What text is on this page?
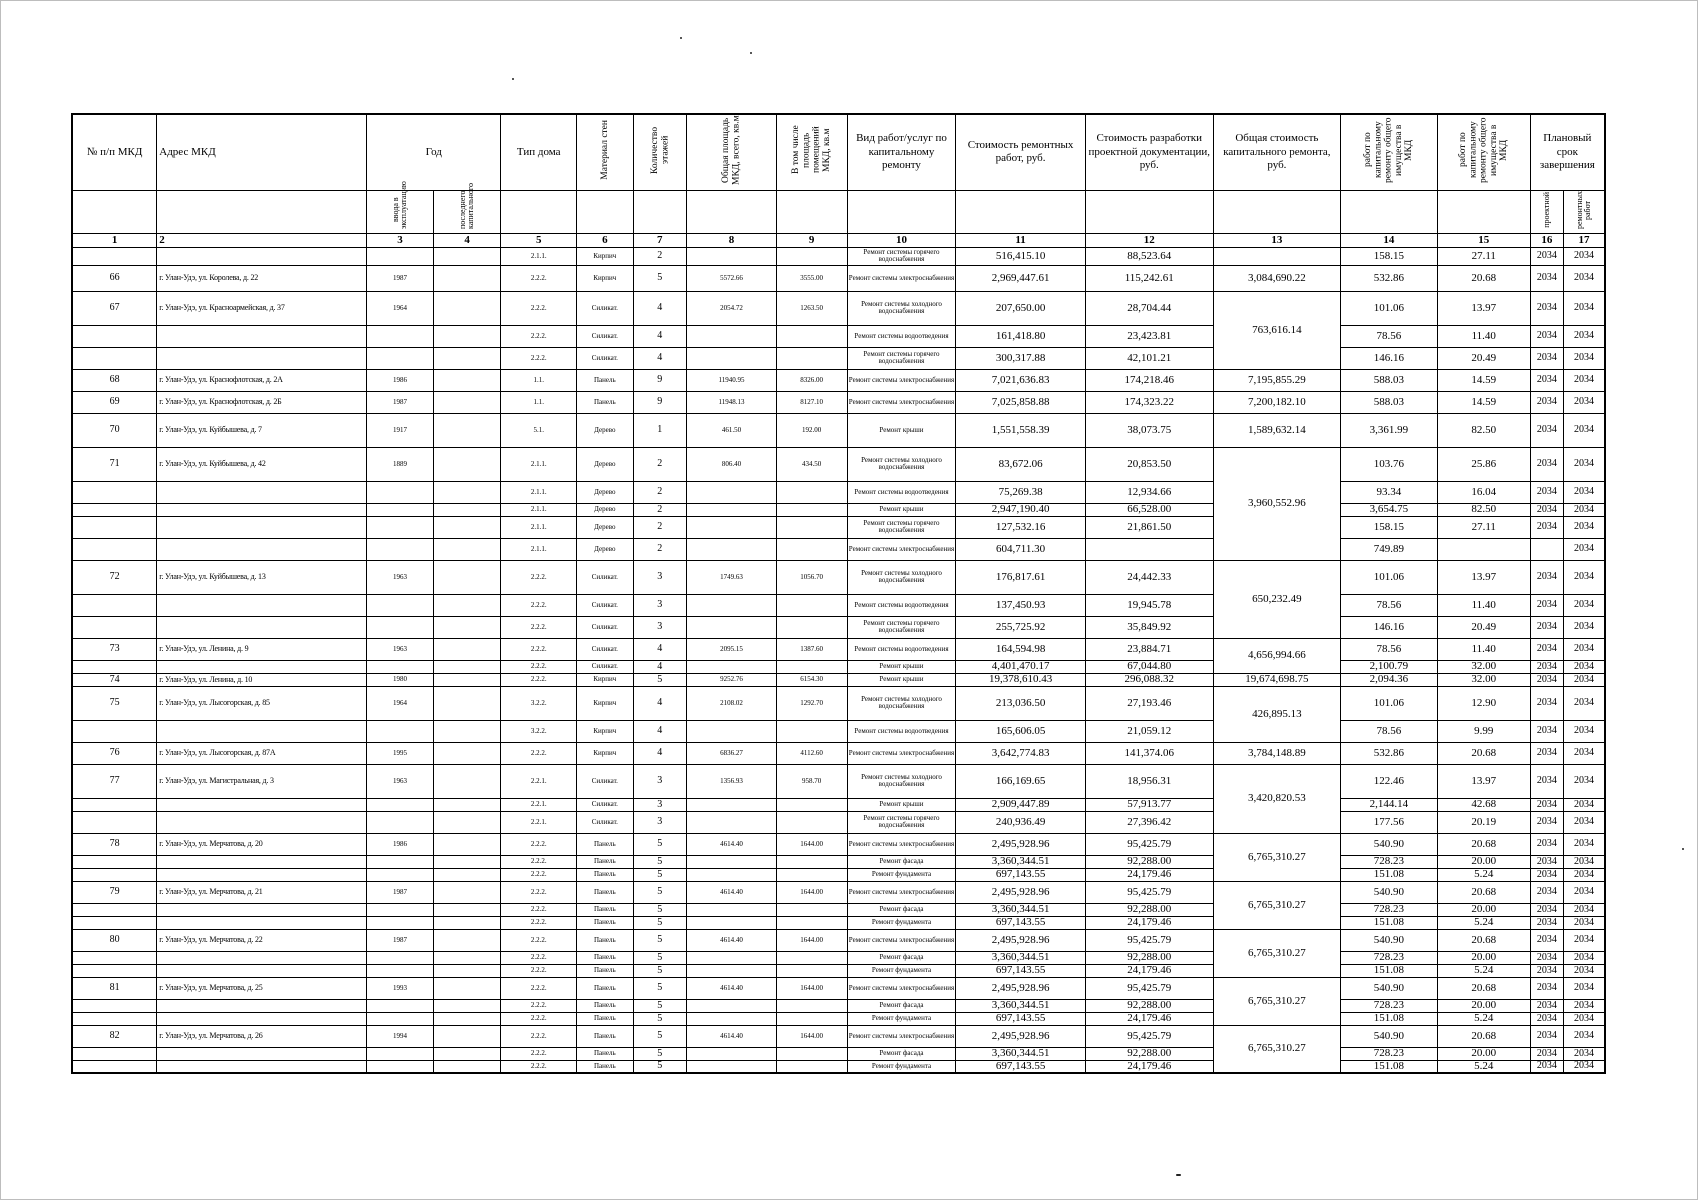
№ п/п МКД	Адрес МКД	Год		Тип дома	Материал стен	Количество этажей	Общая площадь МКД, всего, кв.м	В том числе площадь помещений МКД, кв.м	Вид работ/услуг по капитальному ремонту	Стоимость ремонтных работ, руб.	Стоимость разработки проектной документации, руб.	Общая стоимость капитального ремонта, руб.	работ по капитальному ремонту общего имущества в МКД	работ по капитальному ремонту общего имущества в МКД	Плановый срок завершения	
		ввода в эксплуатацию	последнего капитального												проектной	ремонтных работ
1	2	3	4	5	6	7	8	9	10	11	12	13	14	15	16	17
				2.1.1.	Кирпич	2			Ремонт системы горячего водоснабжения	516,415.10	88,523.64		158.15	27.11	2034	2034
66	г. Улан-Удэ, ул. Королева, д. 22	1987		2.2.2.	Кирпич	5	5572.66	3555.00	Ремонт системы электроснабжения	2,969,447.61	115,242.61	3,084,690.22	532.86	20.68	2034	2034
67	г. Улан-Удэ, ул. Красноармейская, д. 37	1964		2.2.2.	Силикат.	4	2054.72	1263.50	Ремонт системы холодного водоснабжения	207,650.00	28,704.44	763,616.14	101.06	13.97	2034	2034
				2.2.2.	Силикат.	4			Ремонт системы водоотведения	161,418.80	23,423.81		78.56	11.40	2034	2034
				2.2.2.	Силикат.	4			Ремонт системы горячего водоснабжения	300,317.88	42,101.21		146.16	20.49	2034	2034
68	г. Улан-Удэ, ул. Краснофлотская, д. 2А	1986		1.1.	Панель	9	11940.95	8326.00	Ремонт системы электроснабжения	7,021,636.83	174,218.46	7,195,855.29	588.03	14.59	2034	2034
69	г. Улан-Удэ, ул. Краснофлотская, д. 2Б	1987		1.1.	Панель	9	11948.13	8127.10	Ремонт системы электроснабжения	7,025,858.88	174,323.22	7,200,182.10	588.03	14.59	2034	2034
70	г. Улан-Удэ, ул. Куйбышева, д. 7	1917		5.1.	Дерево	1	461.50	192.00	Ремонт крыши	1,551,558.39	38,073.75	1,589,632.14	3,361.99	82.50	2034	2034
71	г. Улан-Удэ, ул. Куйбышева, д. 42	1889		2.1.1.	Дерево	2	806.40	434.50	Ремонт системы холодного водоснабжения	83,672.06	20,853.50	3,960,552.96	103.76	25.86	2034	2034
				2.1.1.	Дерево	2			Ремонт системы водоотведения	75,269.38	12,934.66		93.34	16.04	2034	2034
				2.1.1.	Дерево	2			Ремонт крыши	2,947,190.40	66,528.00		3,654.75	82.50	2034	2034
				2.1.1.	Дерево	2			Ремонт системы горячего водоснабжения	127,532.16	21,861.50		158.15	27.11	2034	2034
				2.1.1.	Дерево	2			Ремонт системы электроснабжения	604,711.30			749.89			2034
72	г. Улан-Удэ, ул. Куйбышева, д. 13	1963		2.2.2.	Силикат.	3	1749.63	1056.70	Ремонт системы холодного водоснабжения	176,817.61	24,442.33	650,232.49	101.06	13.97	2034	2034
				2.2.2.	Силикат.	3			Ремонт системы водоотведения	137,450.93	19,945.78		78.56	11.40	2034	2034
				2.2.2.	Силикат.	3			Ремонт системы горячего водоснабжения	255,725.92	35,849.92		146.16	20.49	2034	2034
73	г. Улан-Удэ, ул. Ленина, д. 9	1963		2.2.2.	Силикат.	4	2095.15	1387.60	Ремонт системы водоотведения	164,594.98	23,884.71	4,656,994.66	78.56	11.40	2034	2034
				2.2.2.	Силикат.	4			Ремонт крыши	4,401,470.17	67,044.80		2,100.79	32.00	2034	2034
74	г. Улан-Удэ, ул. Ленина, д. 10	1980		2.2.2.	Кирпич	5	9252.76	6154.30	Ремонт крыши	19,378,610.43	296,088.32	19,674,698.75	2,094.36	32.00	2034	2034
75	г. Улан-Удэ, ул. Лысогорская, д. 85	1964		3.2.2.	Кирпич	4	2108.02	1292.70	Ремонт системы холодного водоснабжения	213,036.50	27,193.46	426,895.13	101.06	12.90	2034	2034
				3.2.2.	Кирпич	4			Ремонт системы водоотведения	165,606.05	21,059.12		78.56	9.99	2034	2034
76	г. Улан-Удэ, ул. Лысогорская, д. 87А	1995		2.2.2.	Кирпич	4	6836.27	4112.60	Ремонт системы электроснабжения	3,642,774.83	141,374.06	3,784,148.89	532.86	20.68	2034	2034
77	г. Улан-Удэ, ул. Магистральная, д. 3	1963		2.2.1.	Силикат.	3	1356.93	958.70	Ремонт системы холодного водоснабжения	166,169.65	18,956.31	3,420,820.53	122.46	13.97	2034	2034
				2.2.1.	Силикат.	3			Ремонт крыши	2,909,447.89	57,913.77		2,144.14	42.68	2034	2034
				2.2.1.	Силикат.	3			Ремонт системы горячего водоснабжения	240,936.49	27,396.42		177.56	20.19	2034	2034
78	г. Улан-Удэ, ул. Мерчатова, д. 20	1986		2.2.2.	Панель	5	4614.40	1644.00	Ремонт системы электроснабжения	2,495,928.96	95,425.79	6,765,310.27	540.90	20.68	2034	2034
				2.2.2.	Панель	5			Ремонт фасада	3,360,344.51	92,288.00		728.23	20.00	2034	2034
				2.2.2.	Панель	5			Ремонт фундамента	697,143.55	24,179.46		151.08	5.24	2034	2034
79	г. Улан-Удэ, ул. Мерчатова, д. 21	1987		2.2.2.	Панель	5	4614.40	1644.00	Ремонт системы электроснабжения	2,495,928.96	95,425.79	6,765,310.27	540.90	20.68	2034	2034
				2.2.2.	Панель	5			Ремонт фасада	3,360,344.51	92,288.00		728.23	20.00	2034	2034
				2.2.2.	Панель	5			Ремонт фундамента	697,143.55	24,179.46		151.08	5.24	2034	2034
80	г. Улан-Удэ, ул. Мерчатова, д. 22	1987		2.2.2.	Панель	5	4614.40	1644.00	Ремонт системы электроснабжения	2,495,928.96	95,425.79	6,765,310.27	540.90	20.68	2034	2034
				2.2.2.	Панель	5			Ремонт фасада	3,360,344.51	92,288.00		728.23	20.00	2034	2034
				2.2.2.	Панель	5			Ремонт фундамента	697,143.55	24,179.46		151.08	5.24	2034	2034
81	г. Улан-Удэ, ул. Мерчатова, д. 25	1993		2.2.2.	Панель	5	4614.40	1644.00	Ремонт системы электроснабжения	2,495,928.96	95,425.79	6,765,310.27	540.90	20.68	2034	2034
				2.2.2.	Панель	5			Ремонт фасада	3,360,344.51	92,288.00		728.23	20.00	2034	2034
				2.2.2.	Панель	5			Ремонт фундамента	697,143.55	24,179.46		151.08	5.24	2034	2034
82	г. Улан-Удэ, ул. Мерчатова, д. 26	1994		2.2.2.	Панель	5	4614.40	1644.00	Ремонт системы электроснабжения	2,495,928.96	95,425.79	6,765,310.27	540.90	20.68	2034	2034
				2.2.2.	Панель	5			Ремонт фасада	3,360,344.51	92,288.00		728.23	20.00	2034	2034
				2.2.2.	Панель	5			Ремонт фундамента	697,143.55	24,179.46		151.08	5.24	2034	2034
